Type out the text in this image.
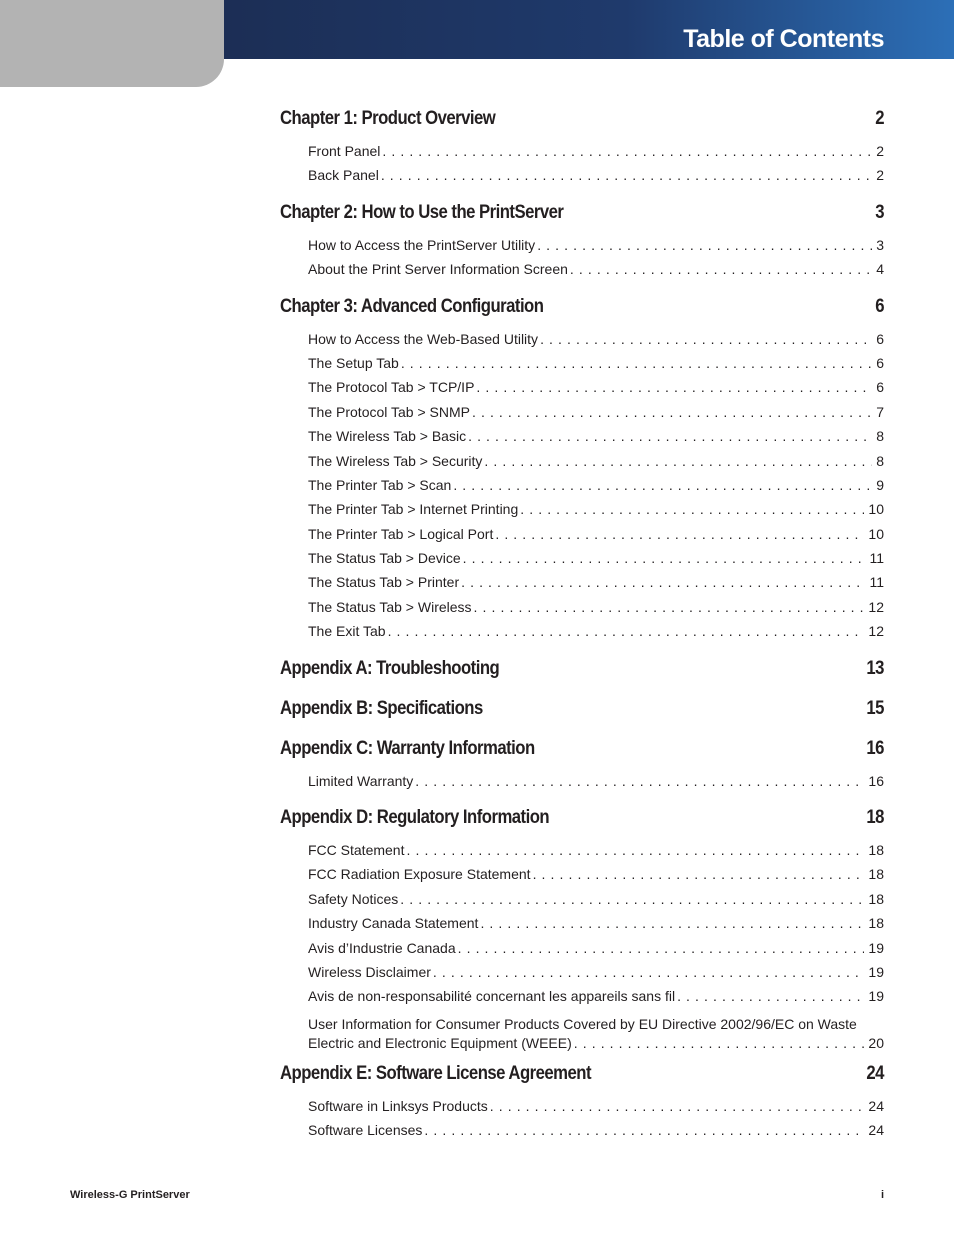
Table of Contents
Chapter 1: Product Overview	2
Front Panel . . .	2
Back Panel . . .	2
Chapter 2: How to Use the PrintServer	3
How to Access the PrintServer Utility . . .	3
About the Print Server Information Screen . . .	4
Chapter 3: Advanced Configuration	6
How to Access the Web-Based Utility . . .	6
The Setup Tab . . .	6
The Protocol Tab > TCP/IP . . .	6
The Protocol Tab > SNMP . . .	7
The Wireless Tab > Basic . . .	8
The Wireless Tab > Security . . .	8
The Printer Tab > Scan . . .	9
The Printer Tab > Internet Printing . . .	10
The Printer Tab > Logical Port . . .	10
The Status Tab > Device . . .	11
The Status Tab > Printer . . .	11
The Status Tab > Wireless . . .	12
The Exit Tab . . .	12
Appendix A: Troubleshooting	13
Appendix B: Specifications	15
Appendix C: Warranty Information	16
Limited Warranty . . .	16
Appendix D: Regulatory Information	18
FCC Statement . . .	18
FCC Radiation Exposure Statement . . .	18
Safety Notices . . .	18
Industry Canada Statement . . .	18
Avis d’Industrie Canada . . .	19
Wireless Disclaimer . . .	19
Avis de non-responsabilité concernant les appareils sans fil . . .	19
User Information for Consumer Products Covered by EU Directive 2002/96/EC on Waste
Electric and Electronic Equipment (WEEE) . . .	20
Appendix E: Software License Agreement	24
Software in Linksys Products . . .	24
Software Licenses . . .	24
Wireless-G PrintServer	i
